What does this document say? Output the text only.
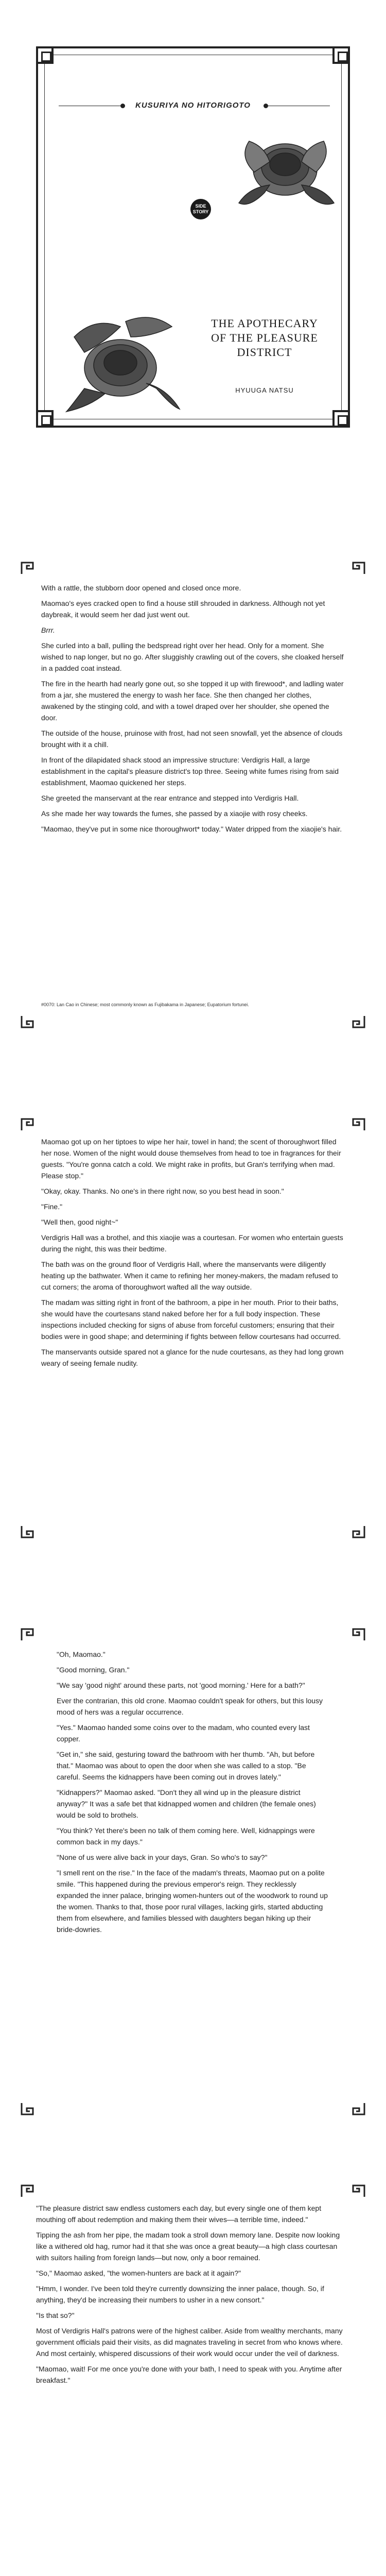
KUSURIYA NO HITORIGOTO
SIDE
STORY
THE APOTHECARY
OF THE PLEASURE DISTRICT
HYUUGA NATSU

With a rattle, the stubborn door opened and closed once more.

Maomao's eyes cracked open to find a house still shrouded in darkness. Although not yet daybreak, it would seem her dad just went out.

Brrr.

She curled into a ball, pulling the bedspread right over her head. Only for a moment. She wished to nap longer, but no go. After sluggishly crawling out of the covers, she cloaked herself in a padded coat instead.

The fire in the hearth had nearly gone out, so she topped it up with firewood*, and ladling water from a jar, she mustered the energy to wash her face. She then changed her clothes, awakened by the stinging cold, and with a towel draped over her shoulder, she opened the door.

The outside of the house, pruinose with frost, had not seen snowfall, yet the absence of clouds brought with it a chill.

In front of the dilapidated shack stood an impressive structure: Verdigris Hall, a large establishment in the capital's pleasure district's top three. Seeing white fumes rising from said establishment, Maomao quickened her steps.

She greeted the manservant at the rear entrance and stepped into Verdigris Hall.

As she made her way towards the fumes, she passed by a xiaojie with rosy cheeks.

"Maomao, they've put in some nice thoroughwort* today." Water dripped from the xiaojie's hair.

#0070: Lan Cao in Chinese; most commonly known as Fujibakama in Japanese; Eupatorium fortunei.

Maomao got up on her tiptoes to wipe her hair, towel in hand; the scent of thoroughwort filled her nose. Women of the night would douse themselves from head to toe in fragrances for their guests. "You're gonna catch a cold. We might rake in profits, but Gran's terrifying when mad. Please stop."

"Okay, okay. Thanks. No one's in there right now, so you best head in soon."

"Fine."

"Well then, good night~"

Verdigris Hall was a brothel, and this xiaojie was a courtesan. For women who entertain guests during the night, this was their bedtime.

The bath was on the ground floor of Verdigris Hall, where the manservants were diligently heating up the bathwater. When it came to refining her money-makers, the madam refused to cut corners; the aroma of thoroughwort wafted all the way outside.

The madam was sitting right in front of the bathroom, a pipe in her mouth. Prior to their baths, she would have the courtesans stand naked before her for a full body inspection. These inspections included checking for signs of abuse from forceful customers; ensuring that their bodies were in good shape; and determining if fights between fellow courtesans had occurred.

The manservants outside spared not a glance for the nude courtesans, as they had long grown weary of seeing female nudity.

"Oh, Maomao."

"Good morning, Gran."

"We say 'good night' around these parts, not 'good morning.' Here for a bath?"

Ever the contrarian, this old crone. Maomao couldn't speak for others, but this lousy mood of hers was a regular occurrence.

"Yes." Maomao handed some coins over to the madam, who counted every last copper.

"Get in," she said, gesturing toward the bathroom with her thumb. "Ah, but before that." Maomao was about to open the door when she was called to a stop. "Be careful. Seems the kidnappers have been coming out in droves lately."

"Kidnappers?" Maomao asked. "Don't they all wind up in the pleasure district anyway?" It was a safe bet that kidnapped women and children (the female ones) would be sold to brothels.

"You think? Yet there's been no talk of them coming here. Well, kidnappings were common back in my days."

"None of us were alive back in your days, Gran. So who's to say?"

"I smell rent on the rise." In the face of the madam's threats, Maomao put on a polite smile. "This happened during the previous emperor's reign. They recklessly expanded the inner palace, bringing women-hunters out of the woodwork to round up the women. Thanks to that, those poor rural villages, lacking girls, started abducting them from elsewhere, and families blessed with daughters began hiking up their bride-dowries.

"The pleasure district saw endless customers each day, but every single one of them kept mouthing off about redemption and making them their wives—a terrible time, indeed."

Tipping the ash from her pipe, the madam took a stroll down memory lane. Despite now looking like a withered old hag, rumor had it that she was once a great beauty—a high class courtesan with suitors hailing from foreign lands—but now, only a boor remained.

"So," Maomao asked, "the women-hunters are back at it again?"

"Hmm, I wonder. I've been told they're currently downsizing the inner palace, though. So, if anything, they'd be increasing their numbers to usher in a new consort."

"Is that so?"

Most of Verdigris Hall's patrons were of the highest caliber. Aside from wealthy merchants, many government officials paid their visits, as did magnates traveling in secret from who knows where. And most certainly, whispered discussions of their work would occur under the veil of darkness.

"Maomao, wait! For me once you're done with your bath, I need to speak with you. Anytime after breakfast."
